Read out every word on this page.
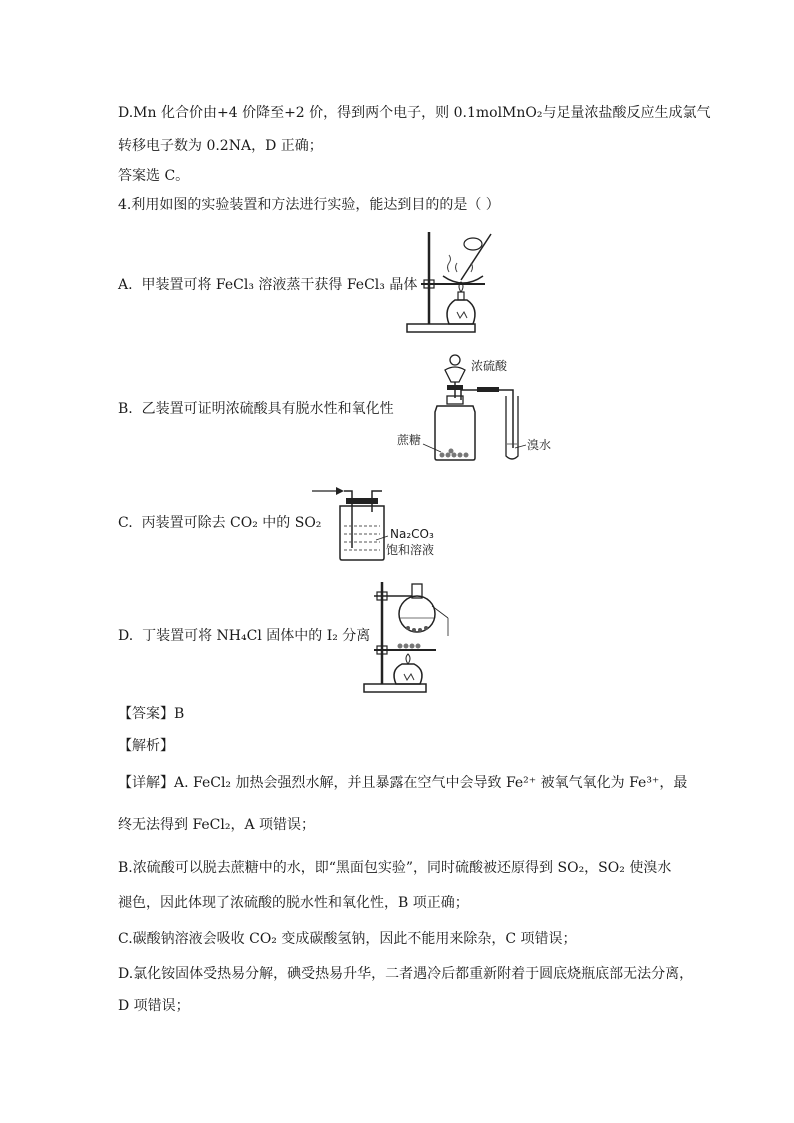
D.Mn 化合价由+4 价降至+2 价，得到两个电子，则 0.1molMnO₂与足量浓盐酸反应生成氯气
转移电子数为 0.2NA，D 正确；
答案选 C。
4.利用如图的实验装置和方法进行实验，能达到目的的是（ ）
A. 甲装置可将 FeCl₃ 溶液蒸干获得 FeCl₃ 晶体
B. 乙装置可证明浓硫酸具有脱水性和氧化性
浓硫酸
蔗糖	溴水
C. 丙装置可除去 CO₂ 中的 SO₂
Na₂CO₃
饱和溶液
D. 丁装置可将 NH₄Cl 固体中的 I₂ 分离
【答案】B
【解析】
【详解】A. FeCl₂ 加热会强烈水解，并且暴露在空气中会导致 Fe²⁺ 被氧气氧化为 Fe³⁺，最
终无法得到 FeCl₂，A 项错误；
B.浓硫酸可以脱去蔗糖中的水，即“黑面包实验”，同时硫酸被还原得到 SO₂，SO₂ 使溴水
褪色，因此体现了浓硫酸的脱水性和氧化性，B 项正确；
C.碳酸钠溶液会吸收 CO₂ 变成碳酸氢钠，因此不能用来除杂，C 项错误；
D.氯化铵固体受热易分解，碘受热易升华，二者遇冷后都重新附着于圆底烧瓶底部无法分离，
D 项错误；
